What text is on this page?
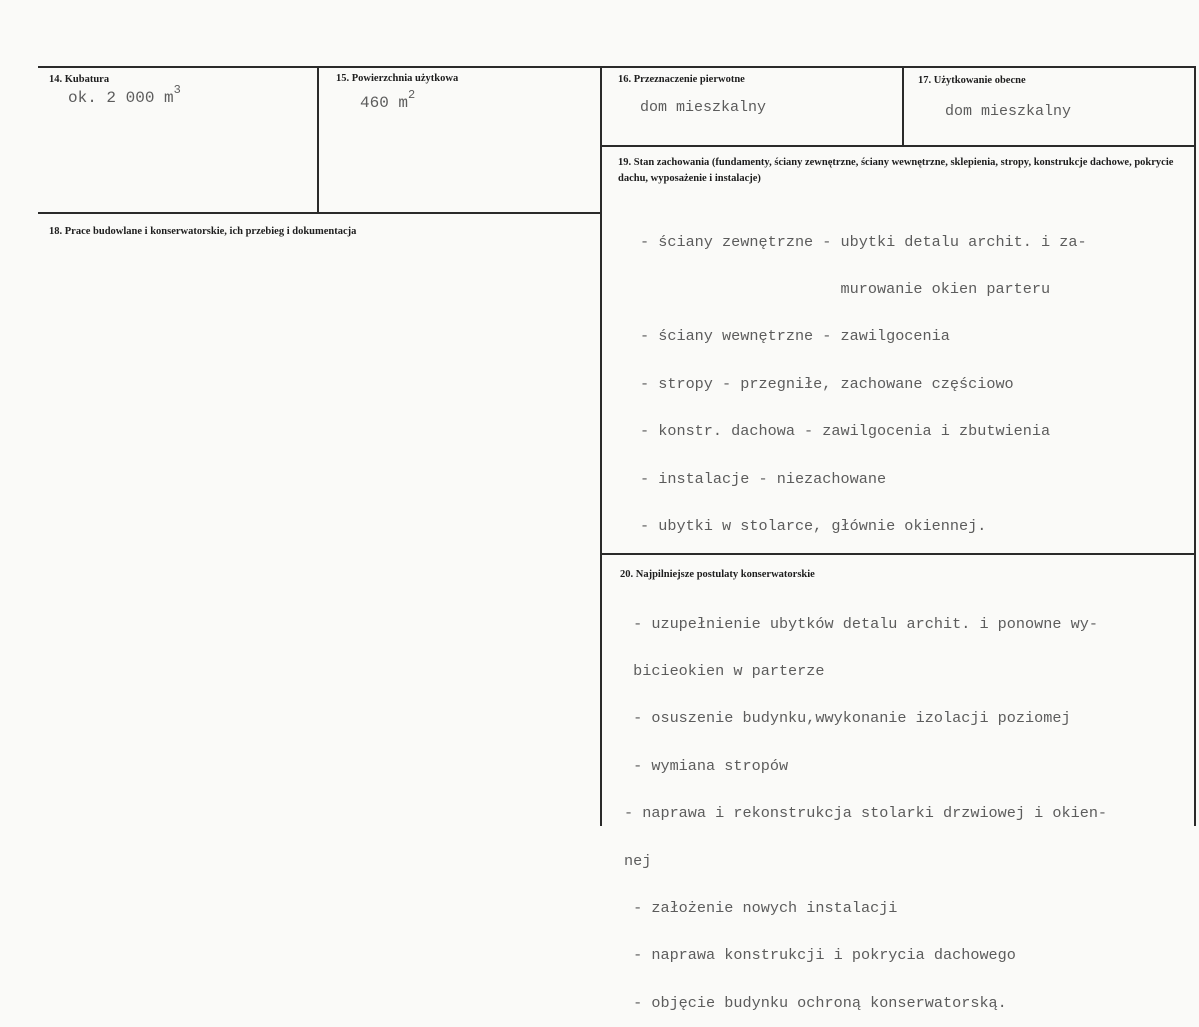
14. Kubatura
ok. 2 000 $m^3$
15. Powierzchnia użytkowa
460 $m^2$
16. Przeznaczenie pierwotne
dom mieszkalny
17. Użytkowanie obecne
dom mieszkalny
18. Prace budowlane i konserwatorskie, ich przebieg i dokumentacja
19. Stan zachowania (fundamenty, ściany zewnętrzne, ściany wewnętrzne, sklepienia, stropy, konstrukcje dachowe, pokrycie dachu, wyposażenie i instalacje)

- ściany zewnętrzne - ubytki detalu archit. i za-

murowanie okien parteru

- ściany wewnętrzne - zawilgocenia

- stropy - przegniłe, zachowane częściowo

- konstr. dachowa - zawilgocenia i zbutwienia

- instalacje - niezachowane

- ubytki w stolarce, głównie okiennej.

20. Najpilniejsze postulaty konserwatorskie

- uzupełnienie ubytków detalu archit. i ponowne wy-

bicieokien w parterze

- osuszenie budynku,wwykonanie izolacji poziomej

- wymiana stropów

- naprawa i rekonstrukcja stolarki drzwiowej i okien-

nej

- założenie nowych instalacji

- naprawa konstrukcji i pokrycia dachowego

- objęcie budynku ochroną konserwatorską.
